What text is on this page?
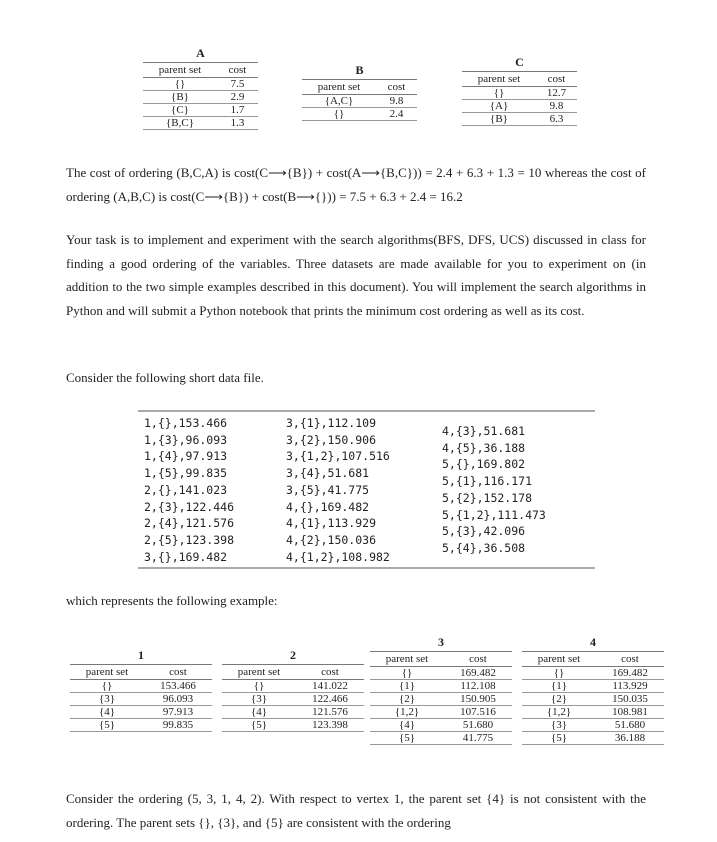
A
parent set	cost
{}	7.5
{B}	2.9
{C}	1.7
{B,C}	1.3
B
parent set	cost
{A,C}	9.8
{}	2.4
C
parent set	cost
{}	12.7
{A}	9.8
{B}	6.3

The cost of ordering (B,C,A) is cost(C⟶{B}) + cost(A⟶{B,C})) = 2.4 + 6.3 + 1.3 = 10 whereas the cost of ordering (A,B,C) is cost(C⟶{B}) + cost(B⟶{})) = 7.5 + 6.3 + 2.4 = 16.2

Your task is to implement and experiment with the search algorithms(BFS, DFS, UCS) discussed in class for finding a good ordering of the variables. Three datasets are made available for you to experiment on (in addition to the two simple examples described in this document). You will implement the search algorithms in Python and will submit a Python notebook that prints the minimum cost ordering as well as its cost.

Consider the following short data file.

1,{},153.466
1,{3},96.093
1,{4},97.913
1,{5},99.835
2,{},141.023
2,{3},122.446
2,{4},121.576
2,{5},123.398
3,{},169.482
3,{1},112.109
3,{2},150.906
3,{1,2},107.516
3,{4},51.681
3,{5},41.775
4,{},169.482
4,{1},113.929
4,{2},150.036
4,{1,2},108.982
4,{3},51.681
4,{5},36.188
5,{},169.802
5,{1},116.171
5,{2},152.178
5,{1,2},111.473
5,{3},42.096
5,{4},36.508

which represents the following example:

1
parent set	cost
{}	153.466
{3}	96.093
{4}	97.913
{5}	99.835
2
parent set	cost
{}	141.022
{3}	122.466
{4}	121.576
{5}	123.398
3
parent set	cost
{}	169.482
{1}	112.108
{2}	150.905
{1,2}	107.516
{4}	51.680
{5}	41.775
4
parent set	cost
{}	169.482
{1}	113.929
{2}	150.035
{1,2}	108.981
{3}	51.680
{5}	36.188

Consider the ordering (5, 3, 1, 4, 2). With respect to vertex 1, the parent set {4} is not consistent with the ordering. The parent sets {}, {3}, and {5} are consistent with the ordering
